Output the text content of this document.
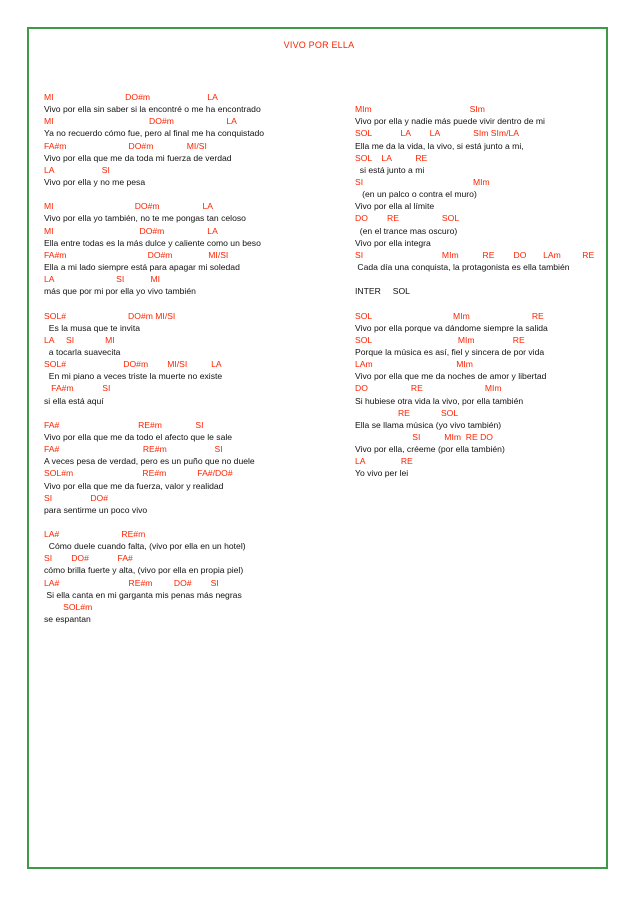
VIVO POR ELLA
MI                              DO#m                        LA
Vivo por ella sin saber si la encontré o me ha encontrado
MI                                        DO#m                      LA
Ya no recuerdo cómo fue, pero al final me ha conquistado
FA#m                          DO#m              MI/SI
Vivo por ella que me da toda mi fuerza de verdad
LA                    SI
Vivo por ella y no me pesa
MI                                  DO#m                  LA
Vivo por ella yo también, no te me pongas tan celoso
MI                                    DO#m                  LA
Ella entre todas es la más dulce y caliente como un beso
FA#m                                  DO#m               MI/SI
Ella a mi lado siempre está para apagar mi soledad
LA                          SI           MI
más que por mi por ella yo vivo también
SOL#                          DO#m MI/SI
Es la musa que te invita
LA     SI             MI
a tocarla suavecita
SOL#                        DO#m        MI/SI          LA
En mi piano a veces triste la muerte no existe
FA#m            SI
si ella está aquí
FA#                                 RE#m              SI
Vivo por ella que me da todo el afecto que le sale
FA#                                   RE#m                    SI
A veces pesa de verdad, pero es un puño que no duele
SOL#m                             RE#m             FA#/DO#
Vivo por ella que me da fuerza, valor y realidad
SI                DO#
para sentirme un poco vivo
LA#                          RE#m
Cómo duele cuando falta, (vivo por ella en un hotel)
SI        DO#            FA#
cómo brilla fuerte y alta, (vivo por ella en propia piel)
LA#                             RE#m         DO#        SI
Si ella canta en mi garganta mis penas más negras
SOL#m
se espantan
MIm                                         SIm
Vivo por ella y nadie más puede vivir dentro de mi
SOL            LA        LA              SIm SIm/LA
Ella me da la vida, la vivo, si está junto a mi,
SOL    LA          RE
si está junto a mi
SI                                              MIm
(en un palco o contra el muro)
Vivo por ella al límite
DO        RE                  SOL
(en el trance mas oscuro)
Vivo por ella integra
SI                                 MIm          RE        DO       LAm         RE
Cada día una conquista, la protagonista es ella también
INTER     SOL
SOL                                  MIm                          RE
Vivo por ella porque va dándome siempre la salida
SOL                                    MIm                RE
Porque la música es así, fiel y sincera de por vida
LAm                                   MIm
Vivo por ella que me da noches de amor y libertad
DO                  RE                          MIm
Si hubiese otra vida la vivo, por ella también
RE             SOL
Ella se llama música (yo vivo también)
SI          MIm  RE DO
Vivo por ella, créeme (por ella también)
LA               RE
Yo vivo per lei
